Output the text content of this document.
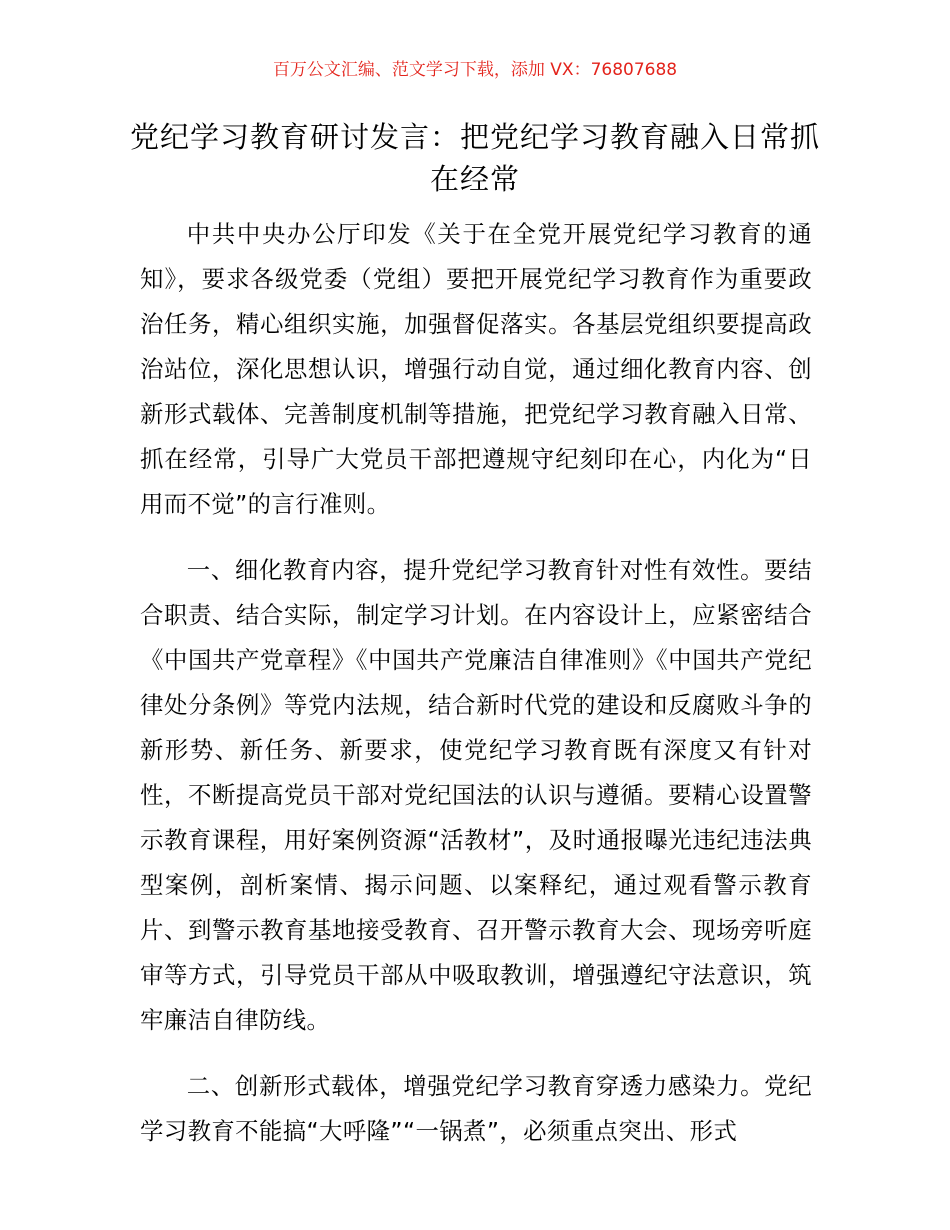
百万公文汇编、范文学习下载，添加 VX：76807688
党纪学习教育研讨发言：把党纪学习教育融入日常抓在经常

中共中央办公厅印发《关于在全党开展党纪学习教育的通知》，要求各级党委（党组）要把开展党纪学习教育作为重要政治任务，精心组织实施，加强督促落实。各基层党组织要提高政治站位，深化思想认识，增强行动自觉，通过细化教育内容、创新形式载体、完善制度机制等措施，把党纪学习教育融入日常、抓在经常，引导广大党员干部把遵规守纪刻印在心，内化为“日用而不觉”的言行准则。

一、细化教育内容，提升党纪学习教育针对性有效性。要结合职责、结合实际，制定学习计划。在内容设计上，应紧密结合《中国共产党章程》《中国共产党廉洁自律准则》《中国共产党纪律处分条例》等党内法规，结合新时代党的建设和反腐败斗争的新形势、新任务、新要求，使党纪学习教育既有深度又有针对性，不断提高党员干部对党纪国法的认识与遵循。要精心设置警示教育课程，用好案例资源“活教材”，及时通报曝光违纪违法典型案例，剖析案情、揭示问题、以案释纪，通过观看警示教育片、到警示教育基地接受教育、召开警示教育大会、现场旁听庭审等方式，引导党员干部从中吸取教训，增强遵纪守法意识，筑牢廉洁自律防线。

二、创新形式载体，增强党纪学习教育穿透力感染力。党纪学习教育不能搞“大呼隆”“一锅煮”，必须重点突出、形式
